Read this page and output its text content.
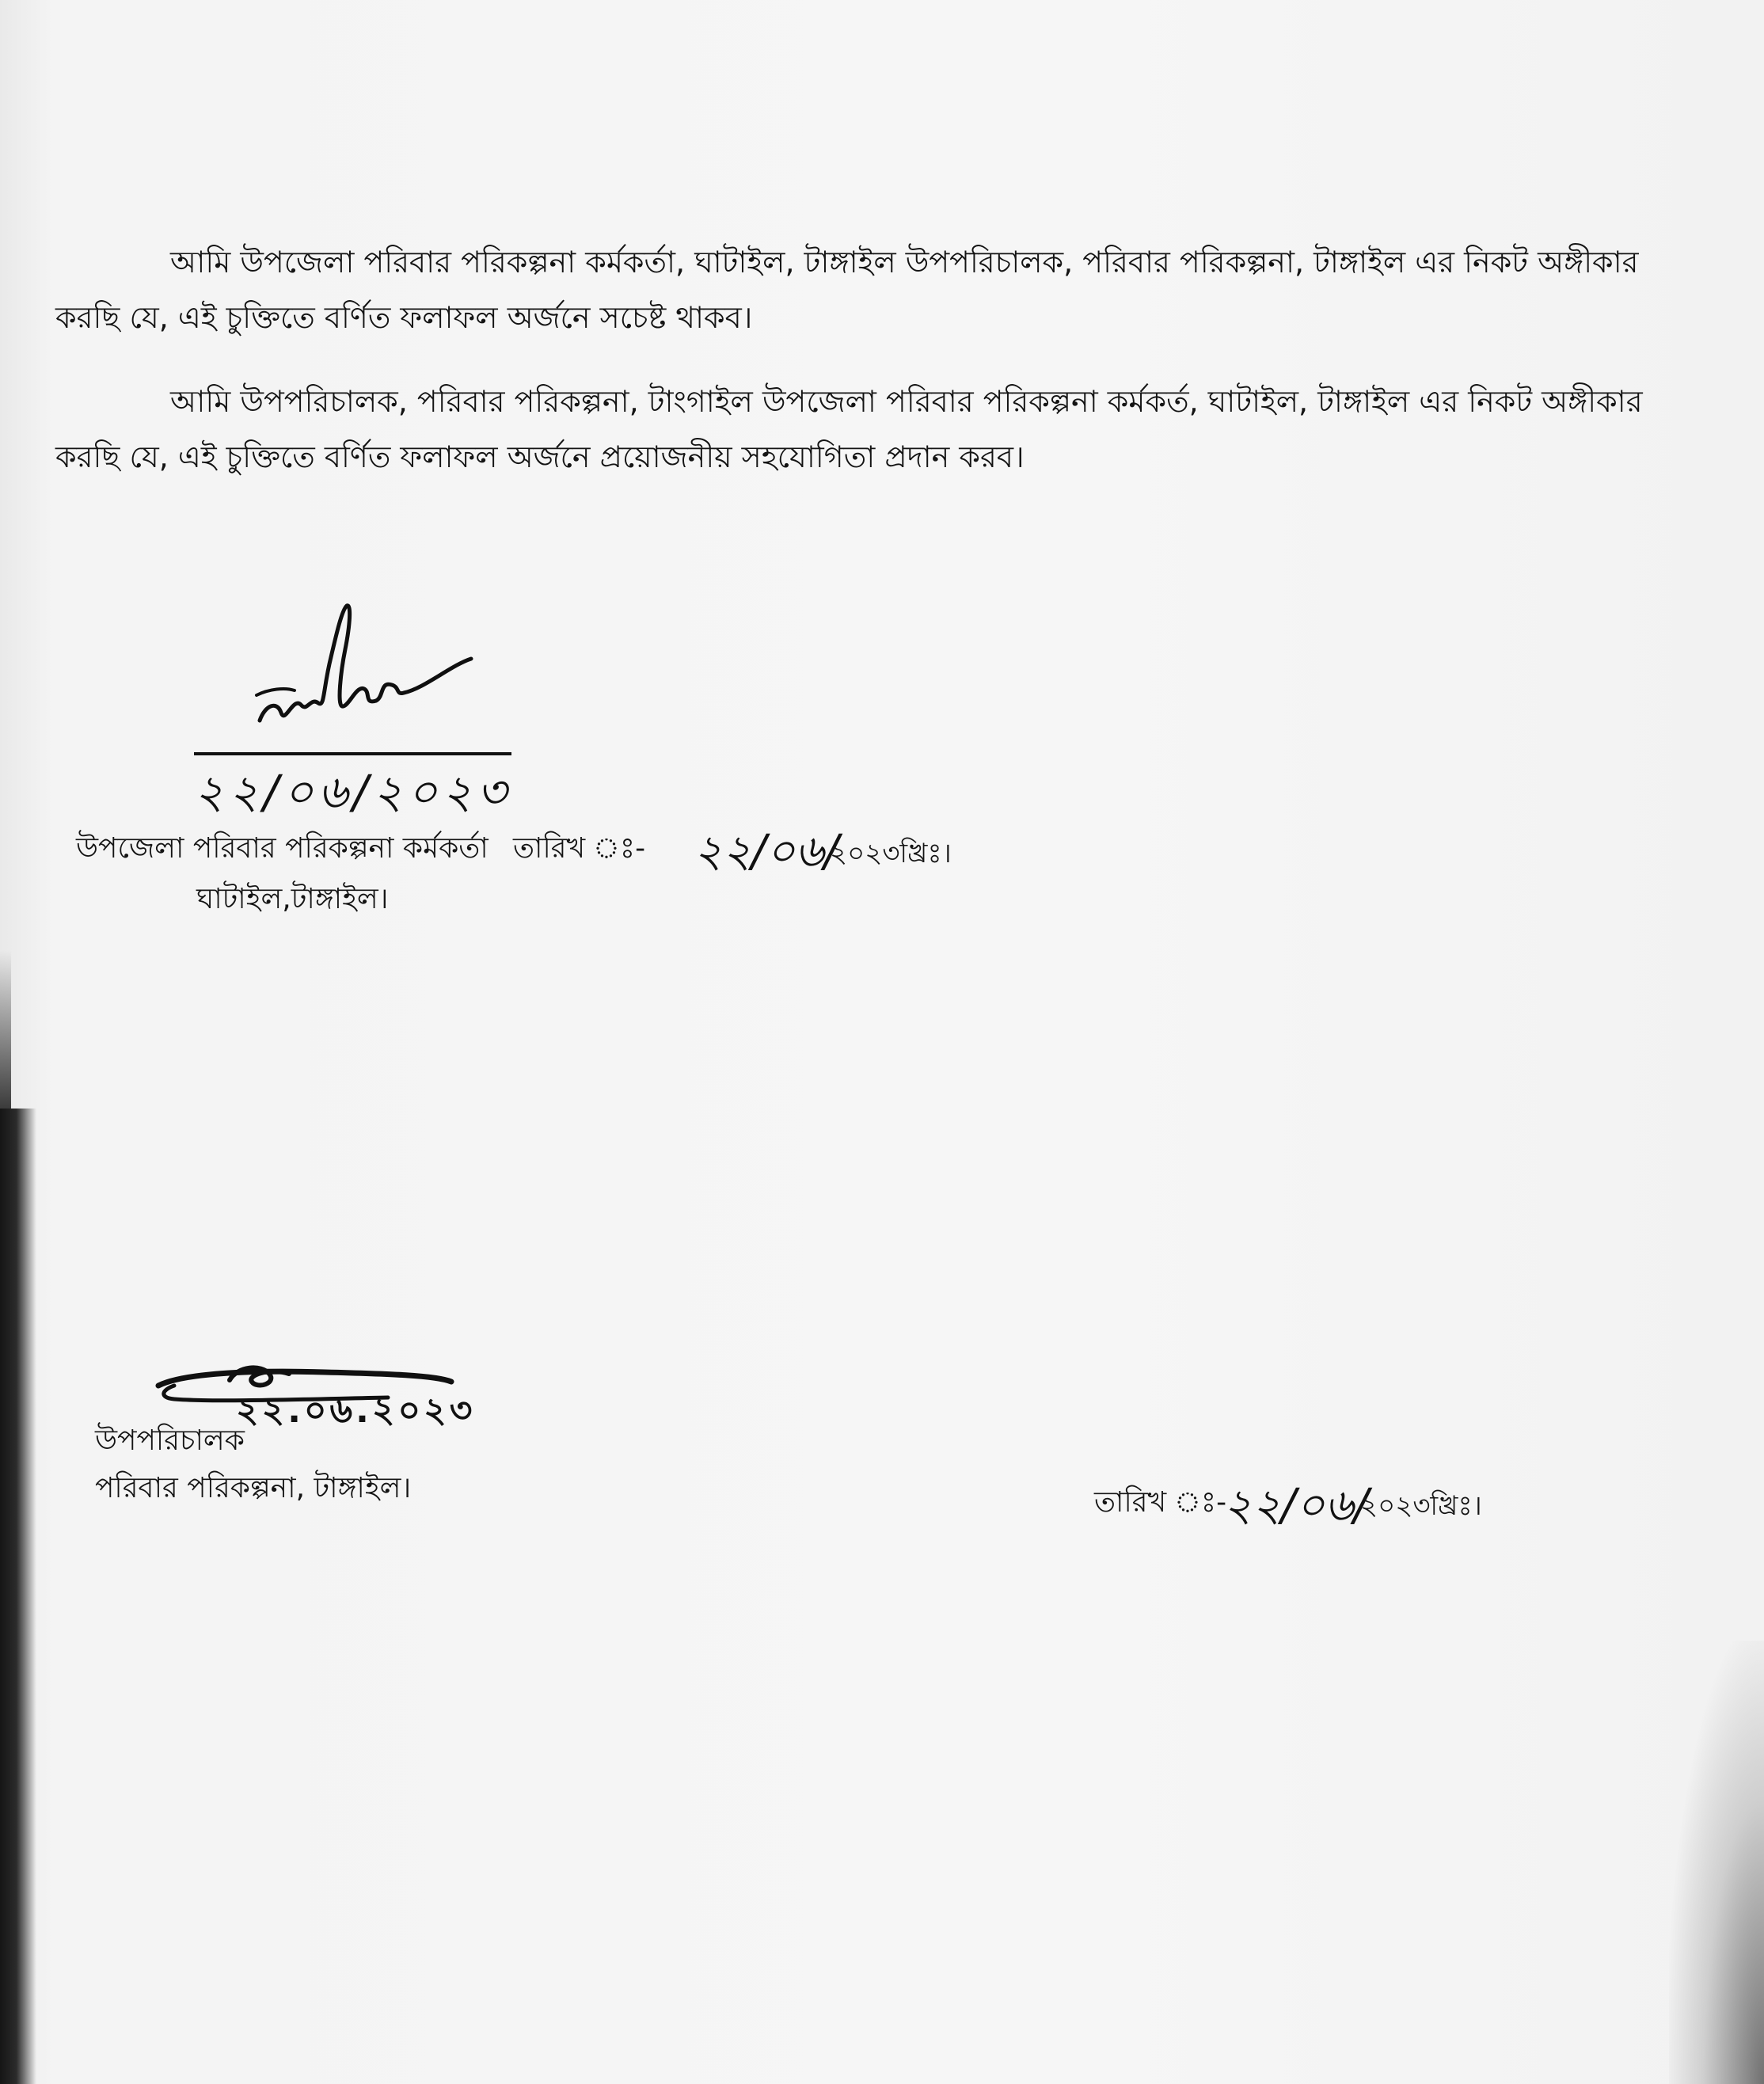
আমি উপজেলা পরিবার পরিকল্পনা কর্মকর্তা, ঘাটাইল, টাঙ্গাইল উপপরিচালক, পরিবার পরিকল্পনা, টাঙ্গাইল এর নিকট অঙ্গীকার
করছি যে, এই চুক্তিতে বর্ণিত ফলাফল অর্জনে সচেষ্ট থাকব।
আমি উপপরিচালক, পরিবার পরিকল্পনা, টাংগাইল উপজেলা পরিবার পরিকল্পনা কর্মকর্ত, ঘাটাইল, টাঙ্গাইল এর নিকট অঙ্গীকার
করছি যে, এই চুক্তিতে বর্ণিত ফলাফল অর্জনে প্রয়োজনীয় সহযোগিতা প্রদান করব।
২২/০৬/২০২৩
উপজেলা পরিবার পরিকল্পনা কর্মকর্তা তারিখ ঃ-
ঘাটাইল,টাঙ্গাইল।
২২/০৬/
২০২৩খ্রিঃ।
২২.০৬.২০২৩
উপপরিচালক
পরিবার পরিকল্পনা, টাঙ্গাইল।	তারিখ ঃ-
২২/০৬/
২০২৩খ্রিঃ।
